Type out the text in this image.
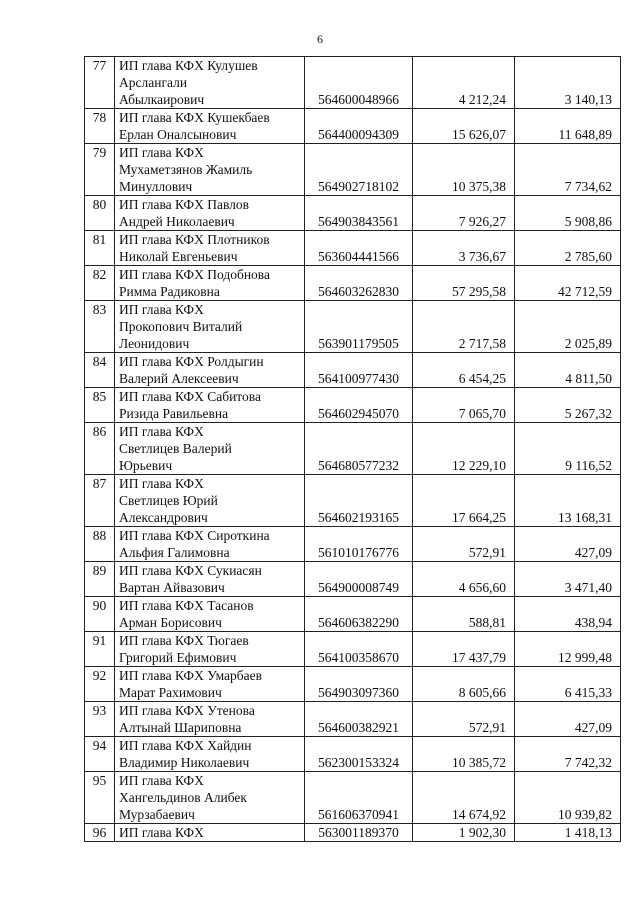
6
77	ИП глава КФХ Кулушев
Арслангали
Абылкаирович	564600048966	4 212,24	3 140,13
78	ИП глава КФХ Кушекбаев
Ерлан Оналсынович	564400094309	15 626,07	11 648,89
79	ИП глава КФХ
Мухаметзянов Жамиль
Минуллович	564902718102	10 375,38	7 734,62
80	ИП глава КФХ Павлов
Андрей Николаевич	564903843561	7 926,27	5 908,86
81	ИП глава КФХ Плотников
Николай Евгеньевич	563604441566	3 736,67	2 785,60
82	ИП глава КФХ Подобнова
Римма Радиковна	564603262830	57 295,58	42 712,59
83	ИП глава КФХ
Прокопович Виталий
Леонидович	563901179505	2 717,58	2 025,89
84	ИП глава КФХ Ролдыгин
Валерий Алексеевич	564100977430	6 454,25	4 811,50
85	ИП глава КФХ Сабитова
Ризида Равильевна	564602945070	7 065,70	5 267,32
86	ИП глава КФХ
Светлицев Валерий
Юрьевич	564680577232	12 229,10	9 116,52
87	ИП глава КФХ
Светлицев Юрий
Александрович	564602193165	17 664,25	13 168,31
88	ИП глава КФХ Сироткина
Альфия Галимовна	561010176776	572,91	427,09
89	ИП глава КФХ Сукиасян
Вартан Айвазович	564900008749	4 656,60	3 471,40
90	ИП глава КФХ Тасанов
Арман Борисович	564606382290	588,81	438,94
91	ИП глава КФХ Тюгаев
Григорий Ефимович	564100358670	17 437,79	12 999,48
92	ИП глава КФХ Умарбаев
Марат Рахимович	564903097360	8 605,66	6 415,33
93	ИП глава КФХ Утенова
Алтынай Шариповна	564600382921	572,91	427,09
94	ИП глава КФХ Хайдин
Владимир Николаевич	562300153324	10 385,72	7 742,32
95	ИП глава КФХ
Хангельдинов Алибек
Мурзабаевич	561606370941	14 674,92	10 939,82
96	ИП глава КФХ	563001189370	1 902,30	1 418,13
